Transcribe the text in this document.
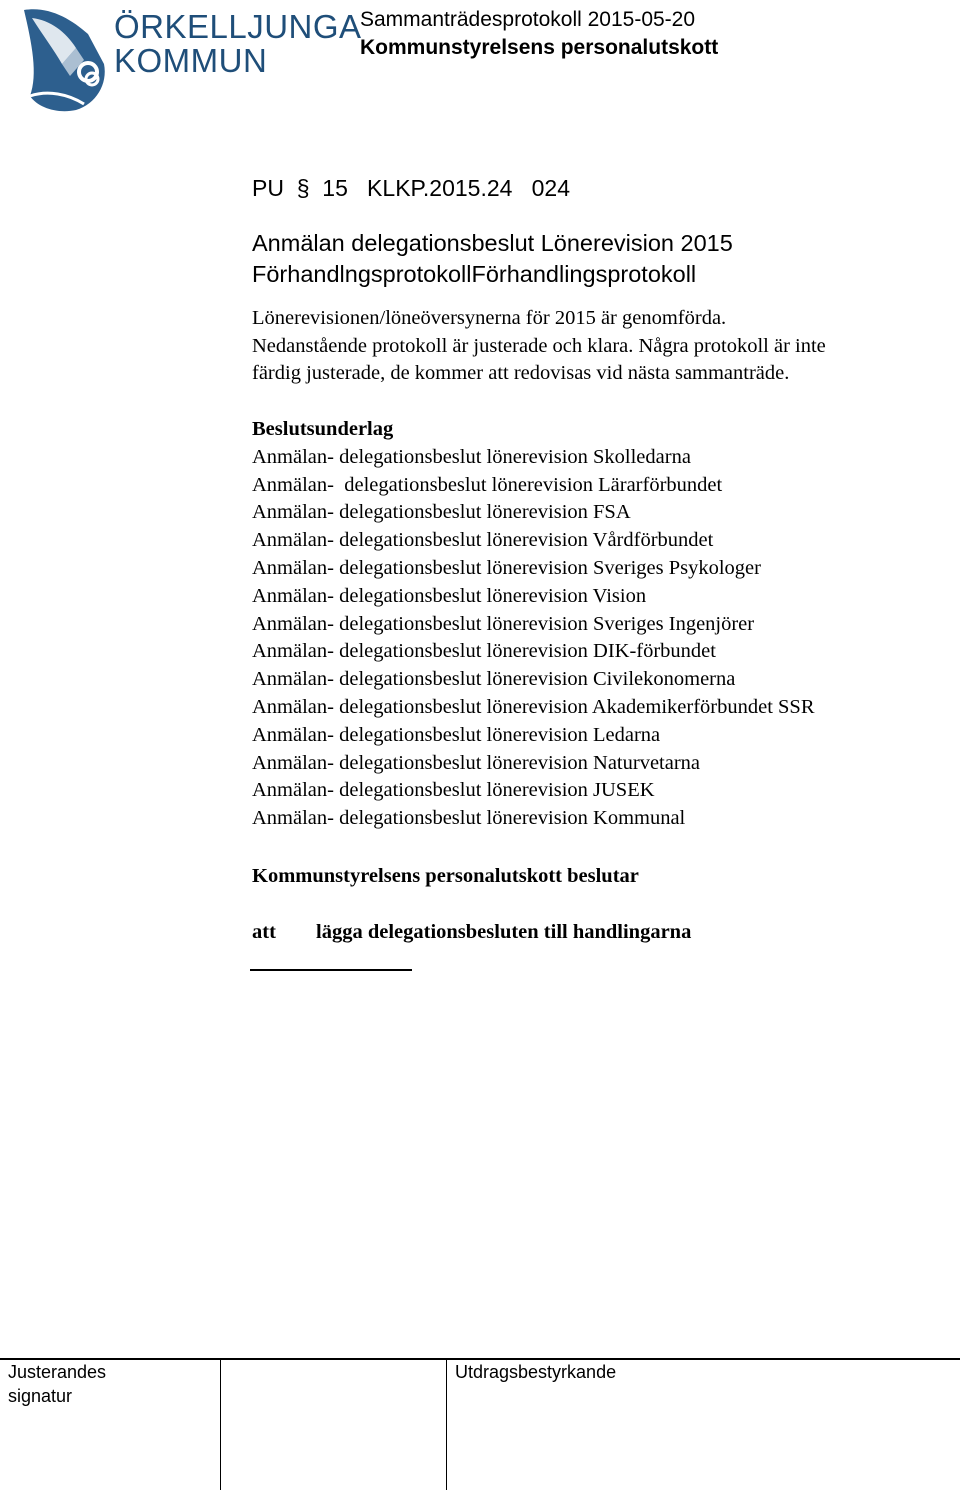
ÖRKELLJUNGA
KOMMUN
Sammanträdesprotokoll 2015-05-20
Kommunstyrelsens personalutskott
PU  §  15   KLKP.2015.24   024
Anmälan delegationsbeslut Lönerevision 2015
FörhandlngsprotokollFörhandlingsprotokoll
Lönerevisionen/löneöversynerna för 2015 är genomförda.
Nedanstående protokoll är justerade och klara. Några protokoll är inte
färdig justerade, de kommer att redovisas vid nästa sammanträde.
Beslutsunderlag
Anmälan- delegationsbeslut lönerevision Skolledarna
Anmälan-  delegationsbeslut lönerevision Lärarförbundet
Anmälan- delegationsbeslut lönerevision FSA
Anmälan- delegationsbeslut lönerevision Vårdförbundet
Anmälan- delegationsbeslut lönerevision Sveriges Psykologer
Anmälan- delegationsbeslut lönerevision Vision
Anmälan- delegationsbeslut lönerevision Sveriges Ingenjörer
Anmälan- delegationsbeslut lönerevision DIK-förbundet
Anmälan- delegationsbeslut lönerevision Civilekonomerna
Anmälan- delegationsbeslut lönerevision Akademikerförbundet SSR
Anmälan- delegationsbeslut lönerevision Ledarna
Anmälan- delegationsbeslut lönerevision Naturvetarna
Anmälan- delegationsbeslut lönerevision JUSEK
Anmälan- delegationsbeslut lönerevision Kommunal
Kommunstyrelsens personalutskott beslutar
att lägga delegationsbesluten till handlingarna
Justerandes
signatur
Utdragsbestyrkande
